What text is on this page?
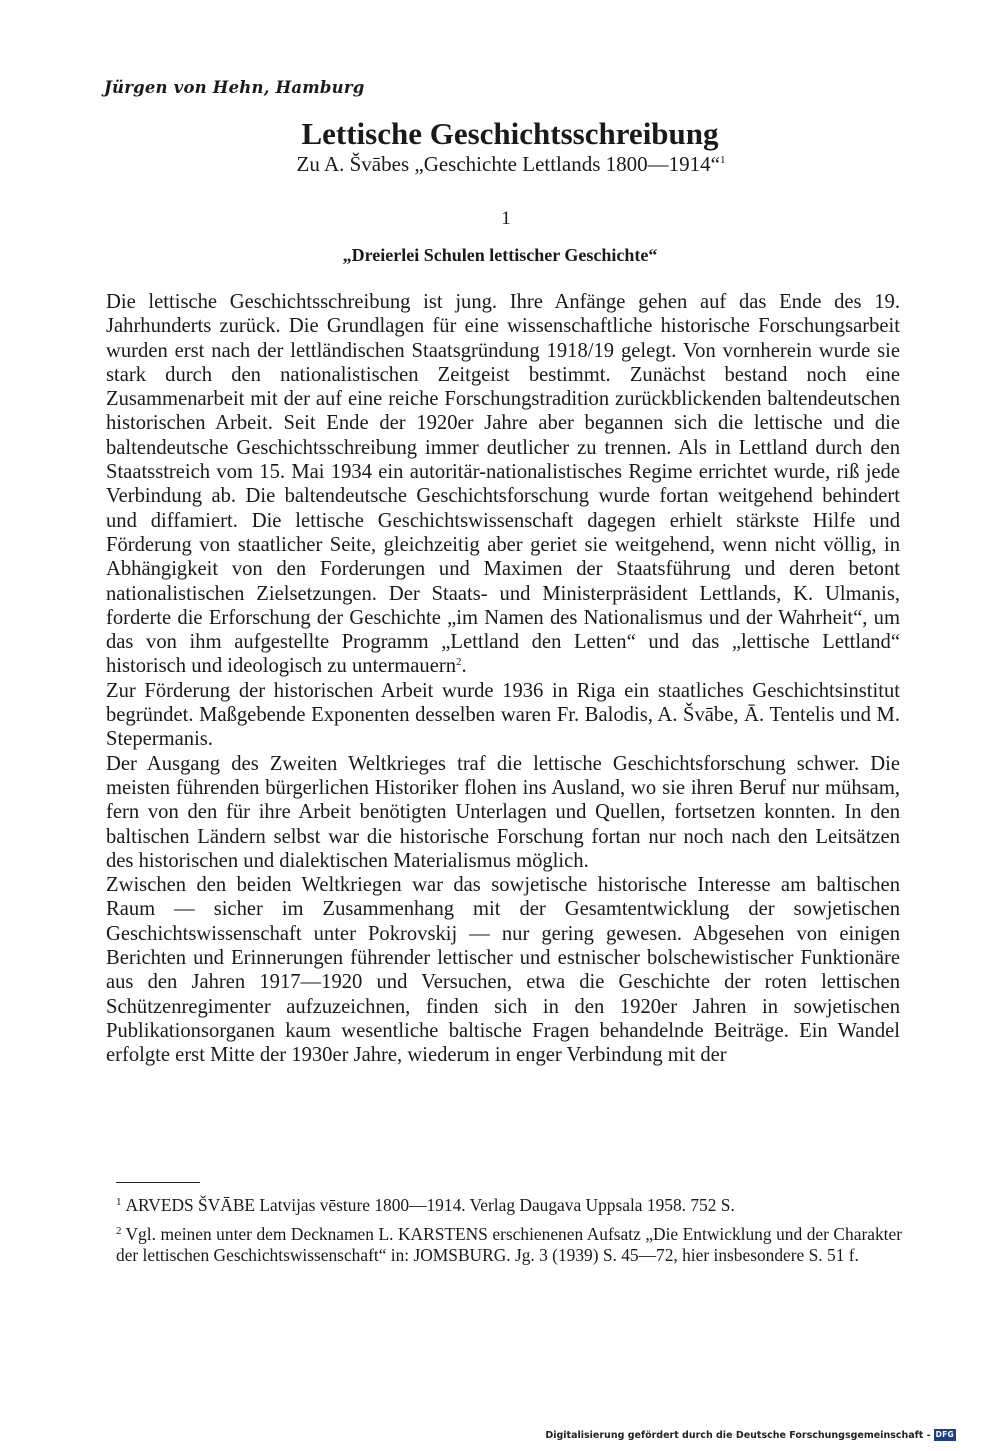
Jürgen von Hehn, Hamburg
Lettische Geschichtsschreibung
Zu A. Švābes „Geschichte Lettlands 1800—1914“$^1$
1
„Dreierlei Schulen lettischer Geschichte“

Die lettische Geschichtsschreibung ist jung. Ihre Anfänge gehen auf das Ende des 19. Jahrhunderts zurück. Die Grundlagen für eine wissenschaftliche historische Forschungsarbeit wurden erst nach der lettländischen Staatsgründung 1918/19 gelegt. Von vornherein wurde sie stark durch den nationalistischen Zeitgeist bestimmt. Zunächst bestand noch eine Zusammenarbeit mit der auf eine reiche Forschungstradition zurückblickenden baltendeutschen historischen Arbeit. Seit Ende der 1920er Jahre aber begannen sich die lettische und die baltendeutsche Geschichtsschreibung immer deutlicher zu trennen. Als in Lettland durch den Staatsstreich vom 15. Mai 1934 ein autoritär-nationalistisches Regime errichtet wurde, riß jede Verbindung ab. Die baltendeutsche Geschichtsforschung wurde fortan weitgehend behindert und diffamiert. Die lettische Geschichtswissenschaft dagegen erhielt stärkste Hilfe und Förderung von staatlicher Seite, gleichzeitig aber geriet sie weitgehend, wenn nicht völlig, in Abhängigkeit von den Forderungen und Maximen der Staatsführung und deren betont nationalistischen Zielsetzungen. Der Staats- und Ministerpräsident Lettlands, K. Ulmanis, forderte die Erforschung der Geschichte „im Namen des Nationalismus und der Wahrheit“, um das von ihm aufgestellte Programm „Lettland den Letten“ und das „lettische Lettland“ historisch und ideologisch zu untermauern$^2$.

Zur Förderung der historischen Arbeit wurde 1936 in Riga ein staatliches Geschichtsinstitut begründet. Maßgebende Exponenten desselben waren Fr. Balodis, A. Švābe, Ā. Tentelis und M. Stepermanis.

Der Ausgang des Zweiten Weltkrieges traf die lettische Geschichtsforschung schwer. Die meisten führenden bürgerlichen Historiker flohen ins Ausland, wo sie ihren Beruf nur mühsam, fern von den für ihre Arbeit benötigten Unterlagen und Quellen, fortsetzen konnten. In den baltischen Ländern selbst war die historische Forschung fortan nur noch nach den Leitsätzen des historischen und dialektischen Materialismus möglich.

Zwischen den beiden Weltkriegen war das sowjetische historische Interesse am baltischen Raum — sicher im Zusammenhang mit der Gesamtentwicklung der sowjetischen Geschichtswissenschaft unter Pokrovskij — nur gering gewesen. Abgesehen von einigen Berichten und Erinnerungen führender lettischer und estnischer bolschewistischer Funktionäre aus den Jahren 1917—1920 und Versuchen, etwa die Geschichte der roten lettischen Schützenregimenter aufzuzeichnen, finden sich in den 1920er Jahren in sowjetischen Publikationsorganen kaum wesentliche baltische Fragen behandelnde Beiträge. Ein Wandel erfolgte erst Mitte der 1930er Jahre, wiederum in enger Verbindung mit der

$^1$ ARVEDS ŠVĀBE Latvijas vēsture 1800—1914. Verlag Daugava Uppsala 1958. 752 S.

$^2$ Vgl. meinen unter dem Decknamen L. KARSTENS erschienenen Aufsatz „Die Entwicklung und der Charakter der lettischen Geschichtswissenschaft“ in: JOMSBURG. Jg. 3 (1939) S. 45—72, hier insbesondere S. 51 f.

Digitalisierung gefördert durch die Deutsche Forschungsgemeinschaft - DFG
